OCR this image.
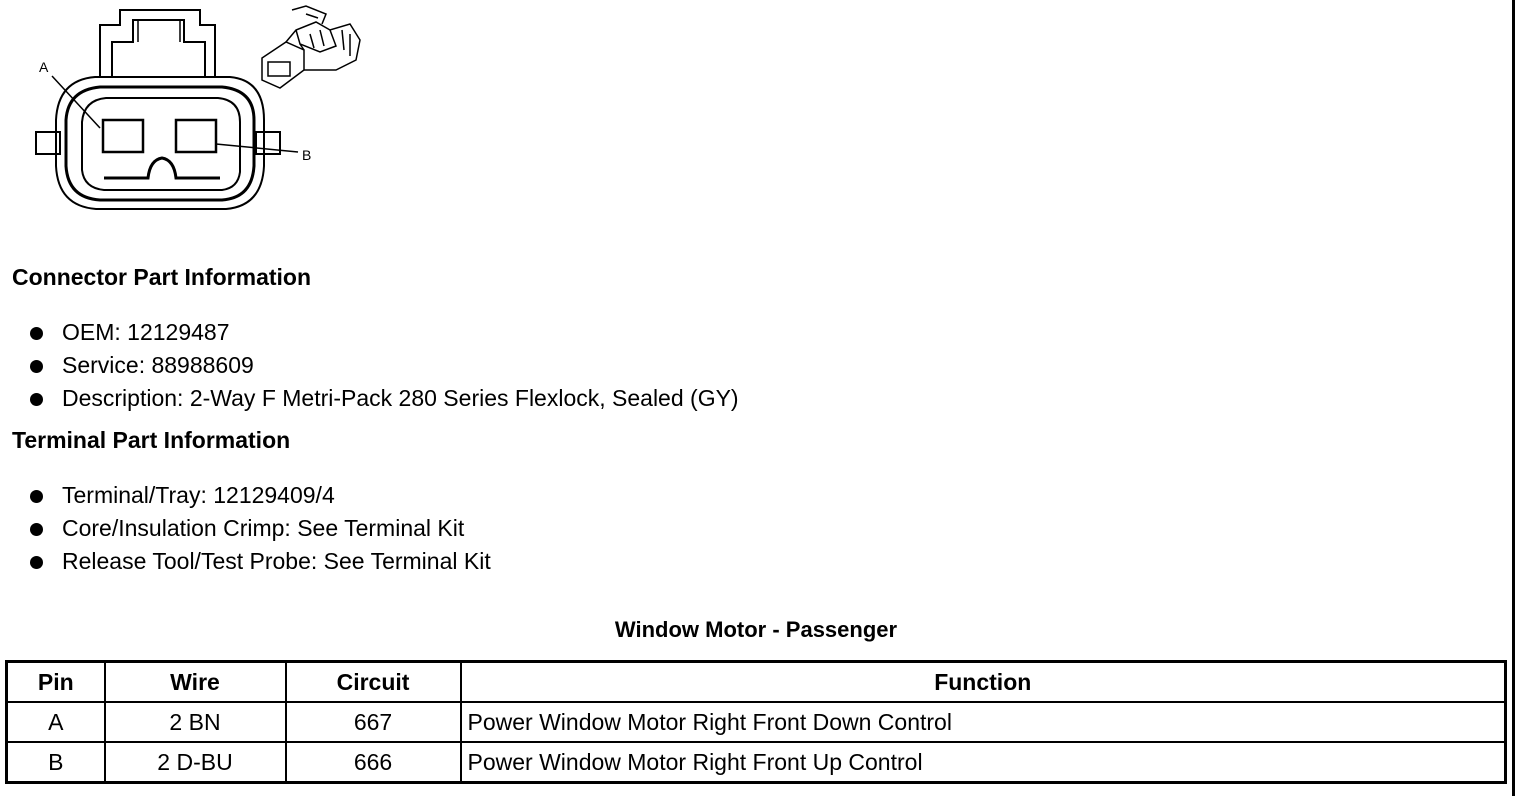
A
B
Connector Part Information
OEM: 12129487
Service: 88988609
Description: 2-Way F Metri-Pack 280 Series Flexlock, Sealed (GY)
Terminal Part Information
Terminal/Tray: 12129409/4
Core/Insulation Crimp: See Terminal Kit
Release Tool/Test Probe: See Terminal Kit
Window Motor - Passenger
Pin	Wire	Circuit	Function
A	2 BN	667	Power Window Motor Right Front Down Control
B	2 D-BU	666	Power Window Motor Right Front Up Control
